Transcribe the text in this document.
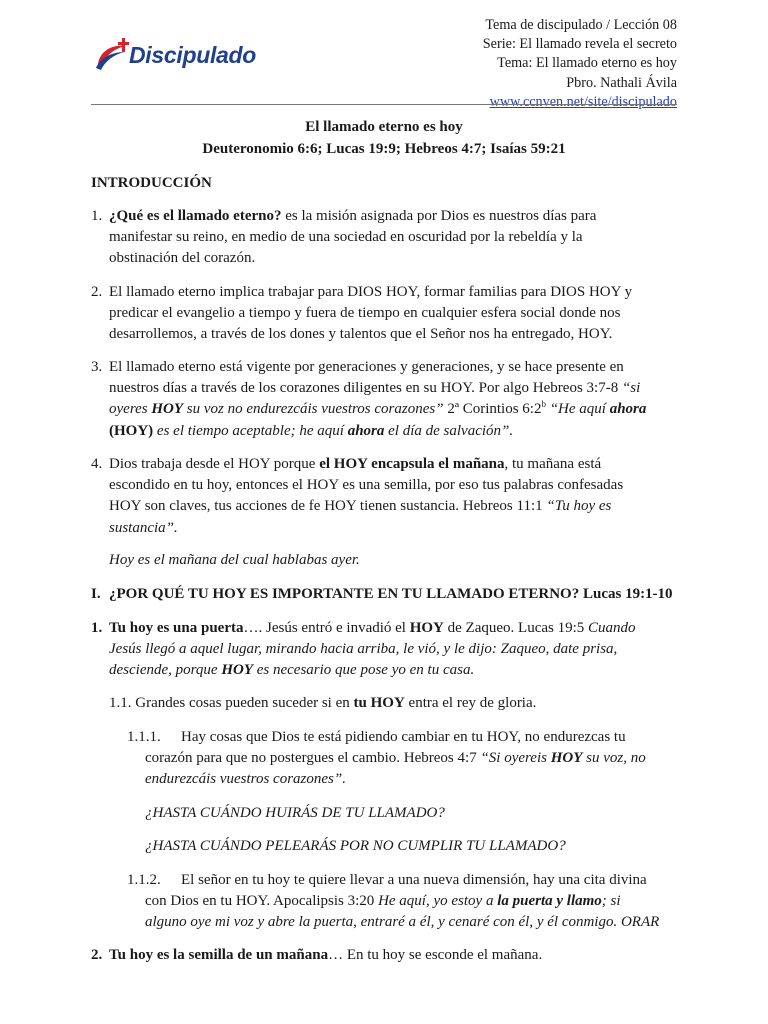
Discipulado
Tema de discipulado / Lección 08
Serie: El llamado revela el secreto
Tema: El llamado eterno es hoy
Pbro. Nathali Ávila
www.ccnven.net/site/discipulado
El llamado eterno es hoy
Deuteronomio 6:6; Lucas 19:9; Hebreos 4:7; Isaías 59:21
INTRODUCCIÓN
1. ¿Qué es el llamado eterno? es la misión asignada por Dios es nuestros días para
manifestar su reino, en medio de una sociedad en oscuridad por la rebeldía y la
obstinación del corazón.
2. El llamado eterno implica trabajar para DIOS HOY, formar familias para DIOS HOY y
predicar el evangelio a tiempo y fuera de tiempo en cualquier esfera social donde nos
desarrollemos, a través de los dones y talentos que el Señor nos ha entregado, HOY.
3. El llamado eterno está vigente por generaciones y generaciones, y se hace presente en
nuestros días a través de los corazones diligentes en su HOY. Por algo Hebreos 3:7-8 “si
oyeres HOY su voz no endurezcáis vuestros corazones” 2ª Corintios 6:2$^b$ “He aquí ahora
(HOY) es el tiempo aceptable; he aquí ahora el día de salvación”.
4. Dios trabaja desde el HOY porque el HOY encapsula el mañana, tu mañana está
escondido en tu hoy, entonces el HOY es una semilla, por eso tus palabras confesadas
HOY son claves, tus acciones de fe HOY tienen sustancia. Hebreos 11:1 “Tu hoy es
sustancia”.
Hoy es el mañana del cual hablabas ayer.
I. ¿POR QUÉ TU HOY ES IMPORTANTE EN TU LLAMADO ETERNO? Lucas 19:1-10
1. Tu hoy es una puerta…. Jesús entró e invadió el HOY de Zaqueo. Lucas 19:5 Cuando
Jesús llegó a aquel lugar, mirando hacia arriba, le vió, y le dijo: Zaqueo, date prisa,
desciende, porque HOY es necesario que pose yo en tu casa.
1.1. Grandes cosas pueden suceder si en tu HOY entra el rey de gloria.
1.1.1.	Hay cosas que Dios te está pidiendo cambiar en tu HOY, no endurezcas tu
corazón para que no postergues el cambio. Hebreos 4:7 “Si oyereis HOY su voz, no
endurezcáis vuestros corazones”.
¿HASTA CUÁNDO HUIRÁS DE TU LLAMADO?
¿HASTA CUÁNDO PELEARÁS POR NO CUMPLIR TU LLAMADO?
1.1.2.	El señor en tu hoy te quiere llevar a una nueva dimensión, hay una cita divina
con Dios en tu HOY. Apocalipsis 3:20 He aquí, yo estoy a la puerta y llamo; si
alguno oye mi voz y abre la puerta, entraré a él, y cenaré con él, y él conmigo. ORAR
2. Tu hoy es la semilla de un mañana… En tu hoy se esconde el mañana.
